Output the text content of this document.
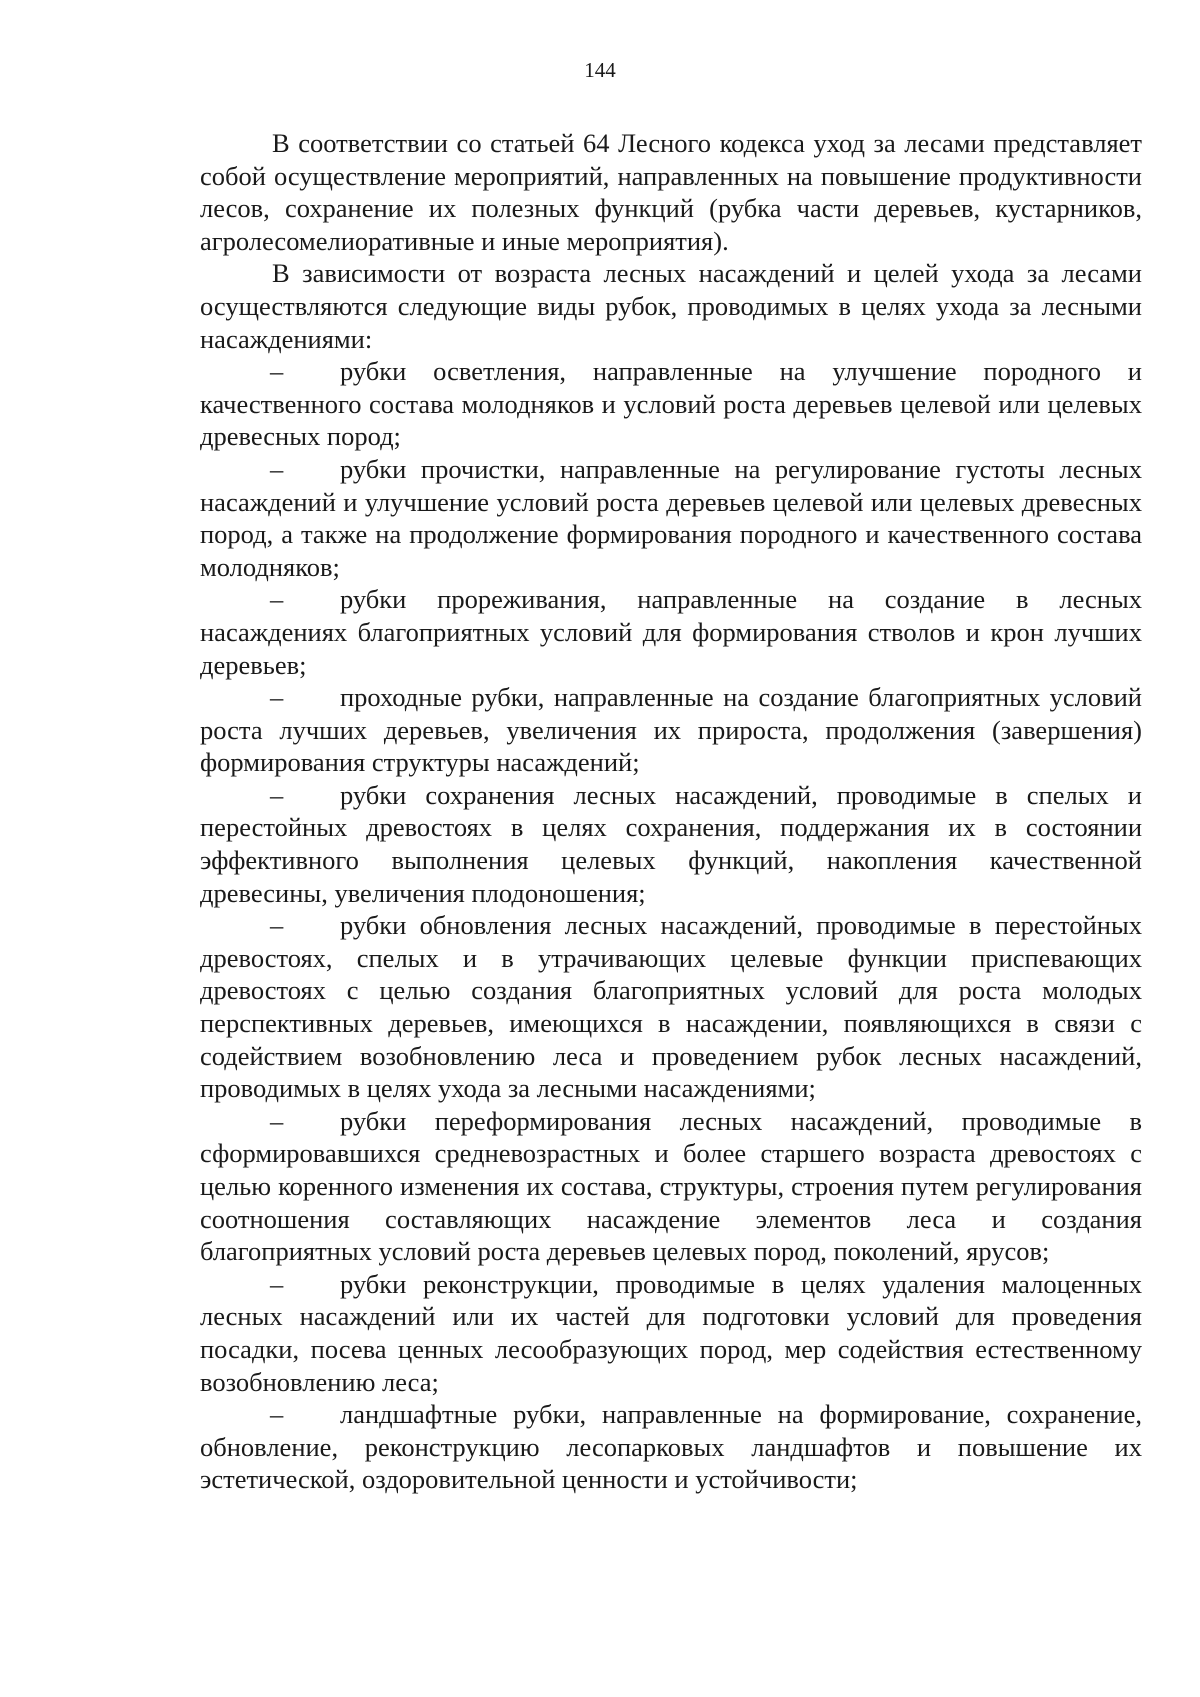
144

В соответствии со статьей 64 Лесного кодекса уход за лесами представляет собой осуществление мероприятий, направленных на повышение продуктивности лесов, сохранение их полезных функций (рубка части деревьев, кустарников, агролесомелиоративные и иные мероприятия).

В зависимости от возраста лесных насаждений и целей ухода за лесами осуществляются следующие виды рубок, проводимых в целях ухода за лесными насаждениями:

– рубки осветления, направленные на улучшение породного и качественного состава молодняков и условий роста деревьев целевой или целевых древесных пород;

– рубки прочистки, направленные на регулирование густоты лесных насаждений и улучшение условий роста деревьев целевой или целевых древесных пород, а также на продолжение формирования породного и качественного состава молодняков;

– рубки прореживания, направленные на создание в лесных насаждениях благоприятных условий для формирования стволов и крон лучших деревьев;

– проходные рубки, направленные на создание благоприятных условий роста лучших деревьев, увеличения их прироста, продолжения (завершения) формирования структуры насаждений;

– рубки сохранения лесных насаждений, проводимые в спелых и перестойных древостоях в целях сохранения, поддержания их в состоянии эффективного выполнения целевых функций, накопления качественной древесины, увеличения плодоношения;

– рубки обновления лесных насаждений, проводимые в перестойных древостоях, спелых и в утрачивающих целевые функции приспевающих древостоях с целью создания благоприятных условий для роста молодых перспективных деревьев, имеющихся в насаждении, появляющихся в связи с содействием возобновлению леса и проведением рубок лесных насаждений, проводимых в целях ухода за лесными насаждениями;

– рубки переформирования лесных насаждений, проводимые в сформировавшихся средневозрастных и более старшего возраста древостоях с целью коренного изменения их состава, структуры, строения путем регулирования соотношения составляющих насаждение элементов леса и создания благоприятных условий роста деревьев целевых пород, поколений, ярусов;

– рубки реконструкции, проводимые в целях удаления малоценных лесных насаждений или их частей для подготовки условий для проведения посадки, посева ценных лесообразующих пород, мер содействия естественному возобновлению леса;

– ландшафтные рубки, направленные на формирование, сохранение, обновление, реконструкцию лесопарковых ландшафтов и повышение их эстетической, оздоровительной ценности и устойчивости;
